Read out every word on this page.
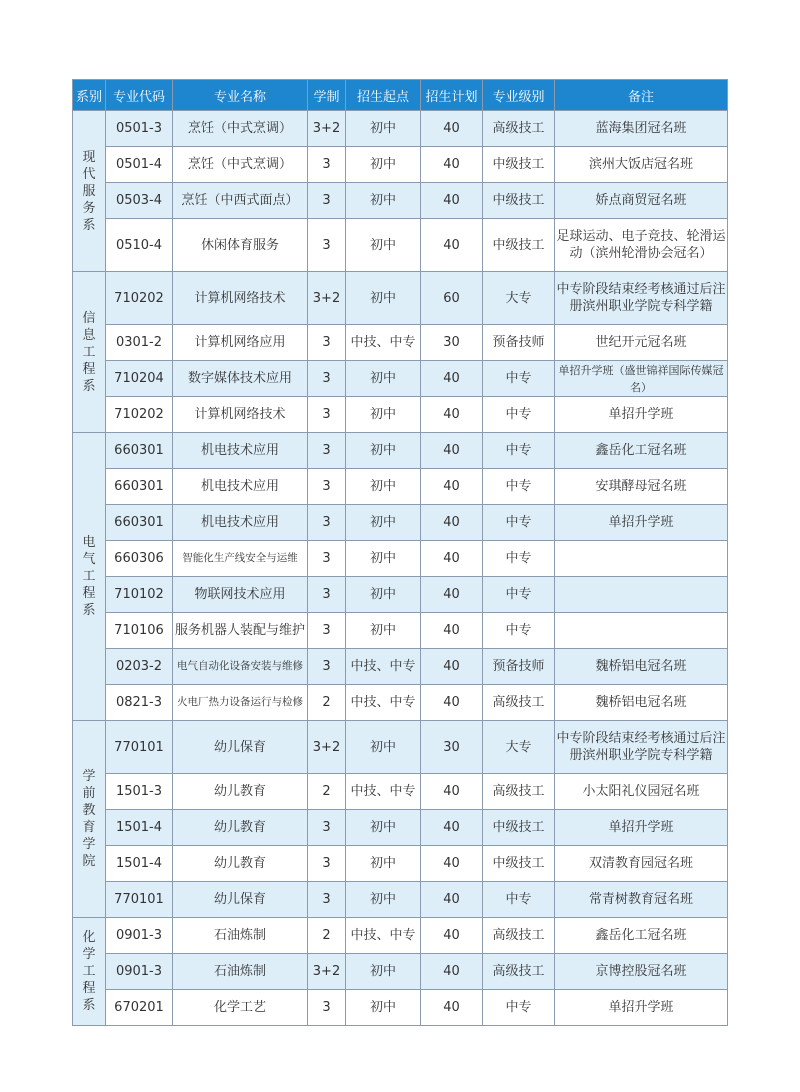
系别	专业代码	专业名称	学制	招生起点	招生计划	专业级别	备注
现代服务系	0501-3	烹饪（中式烹调）	3+2	初中	40	高级技工	蓝海集团冠名班
	0501-4	烹饪（中式烹调）	3	初中	40	中级技工	滨州大饭店冠名班
	0503-4	烹饪（中西式面点）	3	初中	40	中级技工	娇点商贸冠名班
	0510-4	休闲体育服务	3	初中	40	中级技工	足球运动、电子竞技、轮滑运动（滨州轮滑协会冠名）
信息工程系	710202	计算机网络技术	3+2	初中	60	大专	中专阶段结束经考核通过后注册滨州职业学院专科学籍
	0301-2	计算机网络应用	3	中技、中专	30	预备技师	世纪开元冠名班
	710204	数字媒体技术应用	3	初中	40	中专	单招升学班（盛世锦祥国际传媒冠名）
	710202	计算机网络技术	3	初中	40	中专	单招升学班
电气工程系	660301	机电技术应用	3	初中	40	中专	鑫岳化工冠名班
	660301	机电技术应用	3	初中	40	中专	安琪酵母冠名班
	660301	机电技术应用	3	初中	40	中专	单招升学班
	660306	智能化生产线安全与运维	3	初中	40	中专	
	710102	物联网技术应用	3	初中	40	中专	
	710106	服务机器人装配与维护	3	初中	40	中专	
	0203-2	电气自动化设备安装与维修	3	中技、中专	40	预备技师	魏桥铝电冠名班
	0821-3	火电厂热力设备运行与检修	2	中技、中专	40	高级技工	魏桥铝电冠名班
学前教育学院	770101	幼儿保育	3+2	初中	30	大专	中专阶段结束经考核通过后注册滨州职业学院专科学籍
	1501-3	幼儿教育	2	中技、中专	40	高级技工	小太阳礼仪园冠名班
	1501-4	幼儿教育	3	初中	40	中级技工	单招升学班
	1501-4	幼儿教育	3	初中	40	中级技工	双清教育园冠名班
	770101	幼儿保育	3	初中	40	中专	常青树教育冠名班
化学工程系	0901-3	石油炼制	2	中技、中专	40	高级技工	鑫岳化工冠名班
	0901-3	石油炼制	3+2	初中	40	高级技工	京博控股冠名班
	670201	化学工艺	3	初中	40	中专	单招升学班
